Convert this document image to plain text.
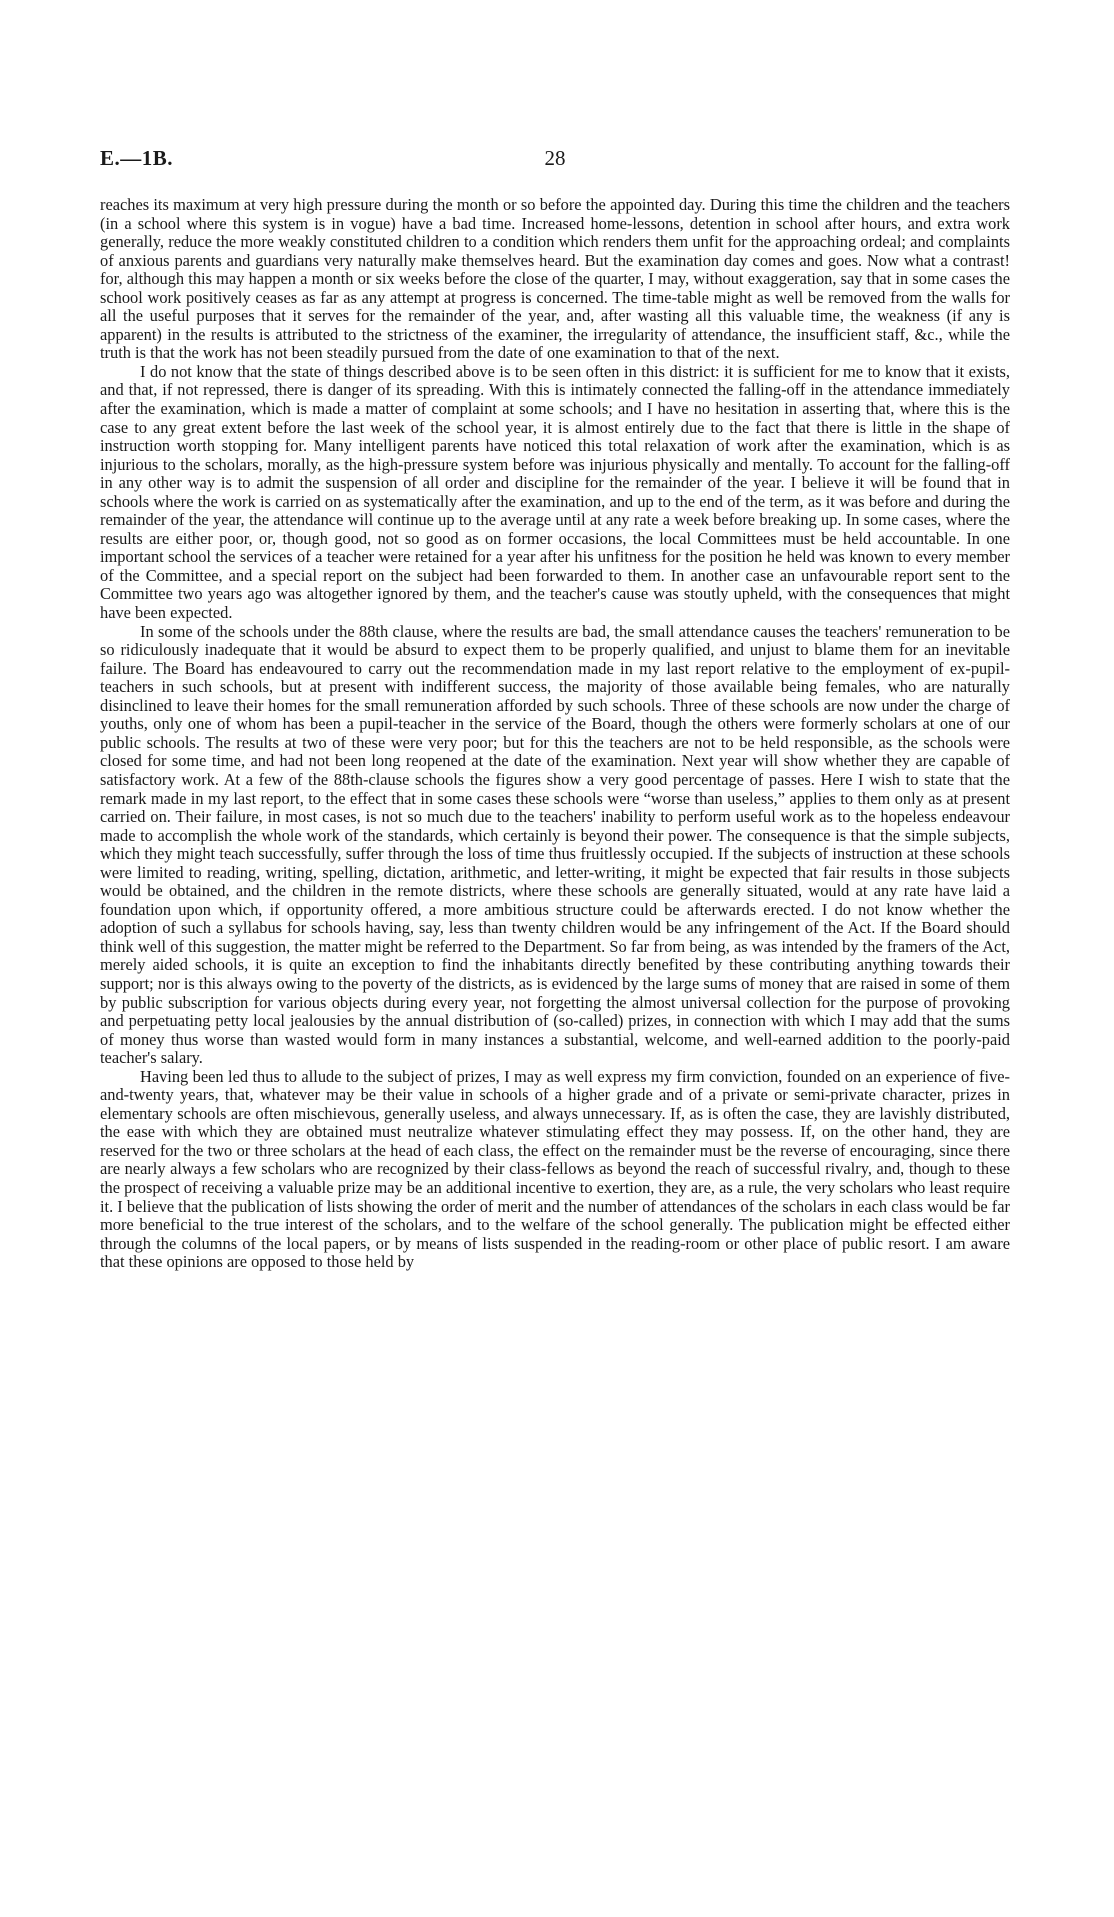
E.—1B.	28

reaches its maximum at very high pressure during the month or so before the appointed day. During this time the children and the teachers (in a school where this system is in vogue) have a bad time. Increased home-lessons, detention in school after hours, and extra work generally, reduce the more weakly constituted children to a condition which renders them unfit for the approaching ordeal; and complaints of anxious parents and guardians very naturally make themselves heard. But the examination day comes and goes. Now what a contrast! for, although this may happen a month or six weeks before the close of the quarter, I may, without exaggeration, say that in some cases the school work positively ceases as far as any attempt at progress is concerned. The time-table might as well be removed from the walls for all the useful purposes that it serves for the remainder of the year, and, after wasting all this valuable time, the weakness (if any is apparent) in the results is attributed to the strictness of the examiner, the irregularity of attendance, the insufficient staff, &c., while the truth is that the work has not been steadily pursued from the date of one examination to that of the next.

I do not know that the state of things described above is to be seen often in this district: it is sufficient for me to know that it exists, and that, if not repressed, there is danger of its spreading. With this is intimately connected the falling-off in the attendance immediately after the examination, which is made a matter of complaint at some schools; and I have no hesitation in asserting that, where this is the case to any great extent before the last week of the school year, it is almost entirely due to the fact that there is little in the shape of instruction worth stopping for. Many intelligent parents have noticed this total relaxation of work after the examination, which is as injurious to the scholars, morally, as the high-pressure system before was injurious physically and mentally. To account for the falling-off in any other way is to admit the suspension of all order and discipline for the remainder of the year. I believe it will be found that in schools where the work is carried on as systematically after the examination, and up to the end of the term, as it was before and during the remainder of the year, the attendance will continue up to the average until at any rate a week before breaking up. In some cases, where the results are either poor, or, though good, not so good as on former occasions, the local Committees must be held accountable. In one important school the services of a teacher were retained for a year after his unfitness for the position he held was known to every member of the Committee, and a special report on the subject had been forwarded to them. In another case an unfavourable report sent to the Committee two years ago was altogether ignored by them, and the teacher's cause was stoutly upheld, with the consequences that might have been expected.

In some of the schools under the 88th clause, where the results are bad, the small attendance causes the teachers' remuneration to be so ridiculously inadequate that it would be absurd to expect them to be properly qualified, and unjust to blame them for an inevitable failure. The Board has endeavoured to carry out the recommendation made in my last report relative to the employment of ex-pupil-teachers in such schools, but at present with indifferent success, the majority of those available being females, who are naturally disinclined to leave their homes for the small remuneration afforded by such schools. Three of these schools are now under the charge of youths, only one of whom has been a pupil-teacher in the service of the Board, though the others were formerly scholars at one of our public schools. The results at two of these were very poor; but for this the teachers are not to be held responsible, as the schools were closed for some time, and had not been long reopened at the date of the examination. Next year will show whether they are capable of satisfactory work. At a few of the 88th-clause schools the figures show a very good percentage of passes. Here I wish to state that the remark made in my last report, to the effect that in some cases these schools were “worse than useless,” applies to them only as at present carried on. Their failure, in most cases, is not so much due to the teachers' inability to perform useful work as to the hopeless endeavour made to accomplish the whole work of the standards, which certainly is beyond their power. The consequence is that the simple subjects, which they might teach successfully, suffer through the loss of time thus fruitlessly occupied. If the subjects of instruction at these schools were limited to reading, writing, spelling, dictation, arithmetic, and letter-writing, it might be expected that fair results in those subjects would be obtained, and the children in the remote districts, where these schools are generally situated, would at any rate have laid a foundation upon which, if opportunity offered, a more ambitious structure could be afterwards erected. I do not know whether the adoption of such a syllabus for schools having, say, less than twenty children would be any infringement of the Act. If the Board should think well of this suggestion, the matter might be referred to the Department. So far from being, as was intended by the framers of the Act, merely aided schools, it is quite an exception to find the inhabitants directly benefited by these contributing anything towards their support; nor is this always owing to the poverty of the districts, as is evidenced by the large sums of money that are raised in some of them by public subscription for various objects during every year, not forgetting the almost universal collection for the purpose of provoking and perpetuating petty local jealousies by the annual distribution of (so-called) prizes, in connection with which I may add that the sums of money thus worse than wasted would form in many instances a substantial, welcome, and well-earned addition to the poorly-paid teacher's salary.

Having been led thus to allude to the subject of prizes, I may as well express my firm conviction, founded on an experience of five-and-twenty years, that, whatever may be their value in schools of a higher grade and of a private or semi-private character, prizes in elementary schools are often mischievous, generally useless, and always unnecessary. If, as is often the case, they are lavishly distributed, the ease with which they are obtained must neutralize whatever stimulating effect they may possess. If, on the other hand, they are reserved for the two or three scholars at the head of each class, the effect on the remainder must be the reverse of encouraging, since there are nearly always a few scholars who are recognized by their class-fellows as beyond the reach of successful rivalry, and, though to these the prospect of receiving a valuable prize may be an additional incentive to exertion, they are, as a rule, the very scholars who least require it. I believe that the publication of lists showing the order of merit and the number of attendances of the scholars in each class would be far more beneficial to the true interest of the scholars, and to the welfare of the school generally. The publication might be effected either through the columns of the local papers, or by means of lists suspended in the reading-room or other place of public resort. I am aware that these opinions are opposed to those held by
